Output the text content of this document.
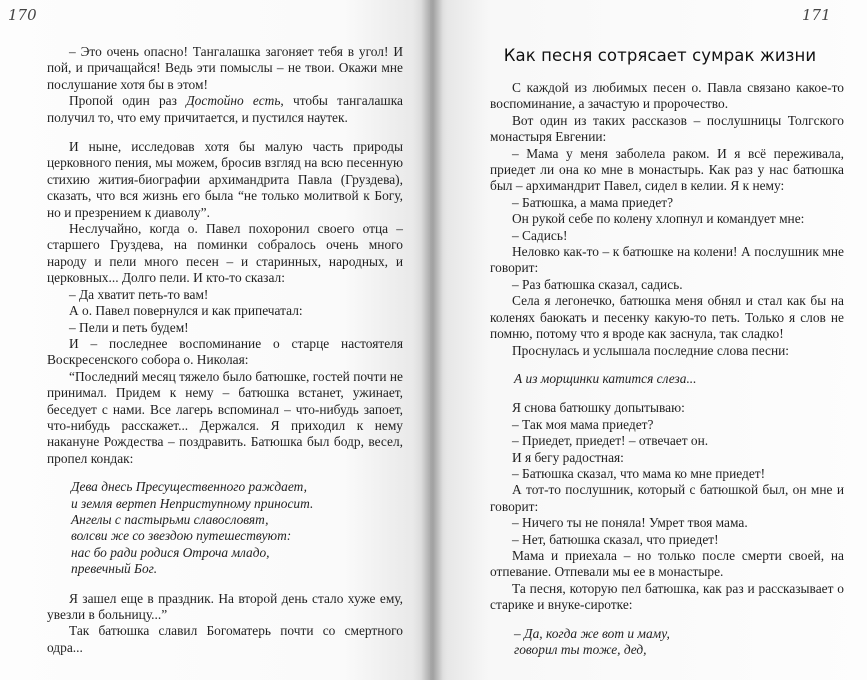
170	171

– Это очень опасно! Тангалашка загоняет тебя в угол! И пой, и причащайся! Ведь эти помыслы – не твои. Окажи мне послушание хотя бы в этом!

Пропой один раз Достойно есть, чтобы тангалашка получил то, что ему причитается, и пустился наутек.

И ныне, исследовав хотя бы малую часть природы церковного пения, мы можем, бросив взгляд на всю песенную стихию жития-биографии архимандрита Павла (Груздева), сказать, что вся жизнь его была “не только молитвой к Богу, но и презрением к диаволу”.

Неслучайно, когда о. Павел похоронил своего отца – старшего Груздева, на поминки собралось очень много народу и пели много песен – и старинных, народных, и церковных... Долго пели. И кто-то сказал:

– Да хватит петь-то вам!

А о. Павел повернулся и как припечатал:

– Пели и петь будем!

И – последнее воспоминание о старце настоятеля Воскресенского собора о. Николая:

“Последний месяц тяжело было батюшке, гостей почти не принимал. Придем к нему – батюшка встанет, ужинает, беседует с нами. Все лагерь вспоминал – что-нибудь запоет, что-нибудь расскажет... Держался. Я приходил к нему накануне Рождества – поздравить. Батюшка был бодр, весел, пропел кондак:

Дева днесь Пресущественного раждает,
и земля вертеп Неприступному приносит.
Ангелы с пастырьми славословят,
волсви же со звездою путешествуют:
нас бо ради родися Отроча младо,
превечный Бог.

Я зашел еще в праздник. На второй день стало хуже ему, увезли в больницу...”

Так батюшка славил Богоматерь почти со смертного одра...

Как песня сотрясает сумрак жизни

С каждой из любимых песен о. Павла связано какое-то воспоминание, а зачастую и пророчество.

Вот один из таких рассказов – послушницы Толгского монастыря Евгении:

– Мама у меня заболела раком. И я всё переживала, приедет ли она ко мне в монастырь. Как раз у нас батюшка был – архимандрит Павел, сидел в келии. Я к нему:

– Батюшка, а мама приедет?

Он рукой себе по колену хлопнул и командует мне:

– Садись!

Неловко как-то – к батюшке на колени! А послушник мне говорит:

– Раз батюшка сказал, садись.

Села я легонечко, батюшка меня обнял и стал как бы на коленях баюкать и песенку какую-то петь. Только я слов не помню, потому что я вроде как заснула, так сладко!

Проснулась и услышала последние слова песни:

А из морщинки катится слеза...

Я снова батюшку допытываю:

– Так моя мама приедет?

– Приедет, приедет! – отвечает он.

И я бегу радостная:

– Батюшка сказал, что мама ко мне приедет!

А тот-то послушник, который с батюшкой был, он мне и говорит:

– Ничего ты не поняла! Умрет твоя мама.

– Нет, батюшка сказал, что приедет!

Мама и приехала – но только после смерти своей, на отпевание. Отпевали мы ее в монастыре.

Та песня, которую пел батюшка, как раз и рассказывает о старике и внуке-сиротке:

– Да, когда же вот и маму,
говорил ты тоже, дед,
